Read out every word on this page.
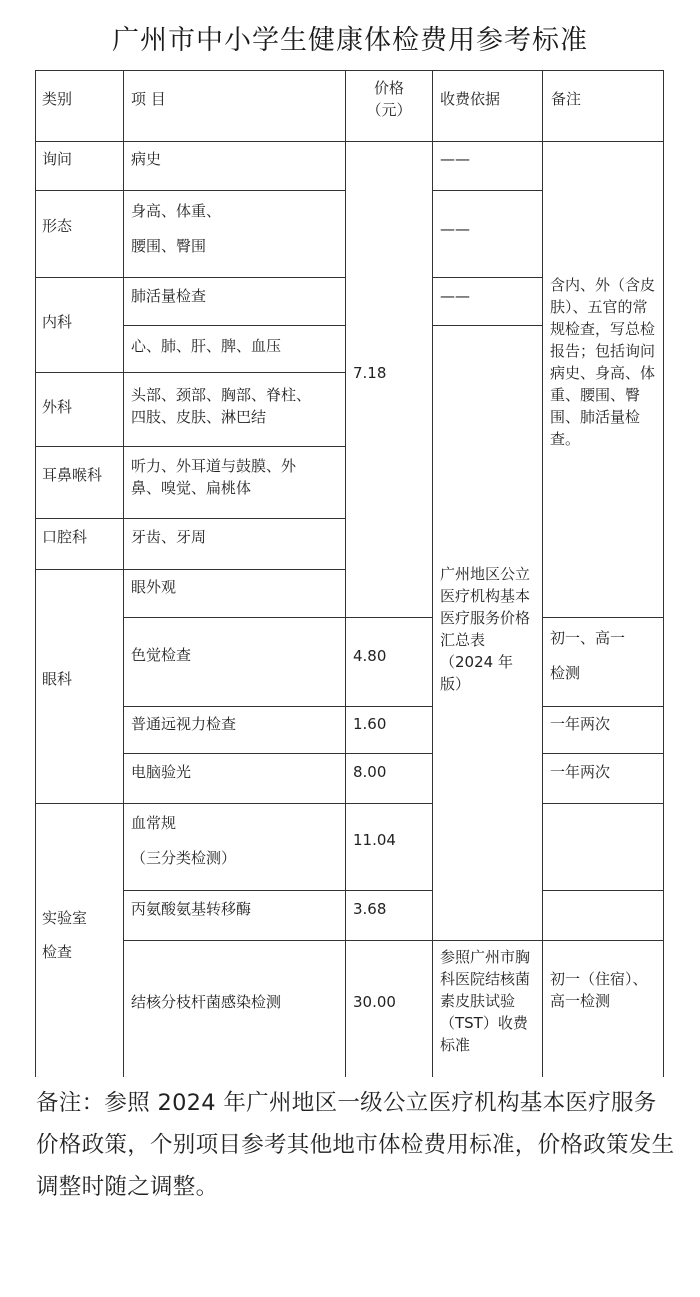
广州市中小学生健康体检费用参考标准
类别	项 目
价格
（元）
收费依据	备注
询问
形态
内科
外科
耳鼻喉科
口腔科
眼科
实验室
检查
病史
身高、体重、
腰围、臀围
肺活量检查
心、肺、肝、脾、血压
头部、颈部、胸部、脊柱、
四肢、皮肤、淋巴结
听力、外耳道与鼓膜、外
鼻、嗅觉、扁桃体
牙齿、牙周
眼外观
色觉检查
普通远视力检查
电脑验光
血常规
（三分类检测）
丙氨酸氨基转移酶
结核分枝杆菌感染检测
7.18
4.80
1.60
8.00
11.04
3.68
30.00
——
——
——
广州地区公立医疗机构基本医疗服务价格汇总表（2024 年版）
参照广州市胸科医院结核菌素皮肤试验（TST）收费标准
含内、外（含皮肤）、五官的常规检查，写总检报告；包括询问病史、身高、体重、腰围、臀围、肺活量检查。
初一、高一
检测
一年两次
一年两次
初一（住宿）、高一检测
备注：参照 2024 年广州地区一级公立医疗机构基本医疗服务价格政策，个别项目参考其他地市体检费用标准，价格政策发生调整时随之调整。
